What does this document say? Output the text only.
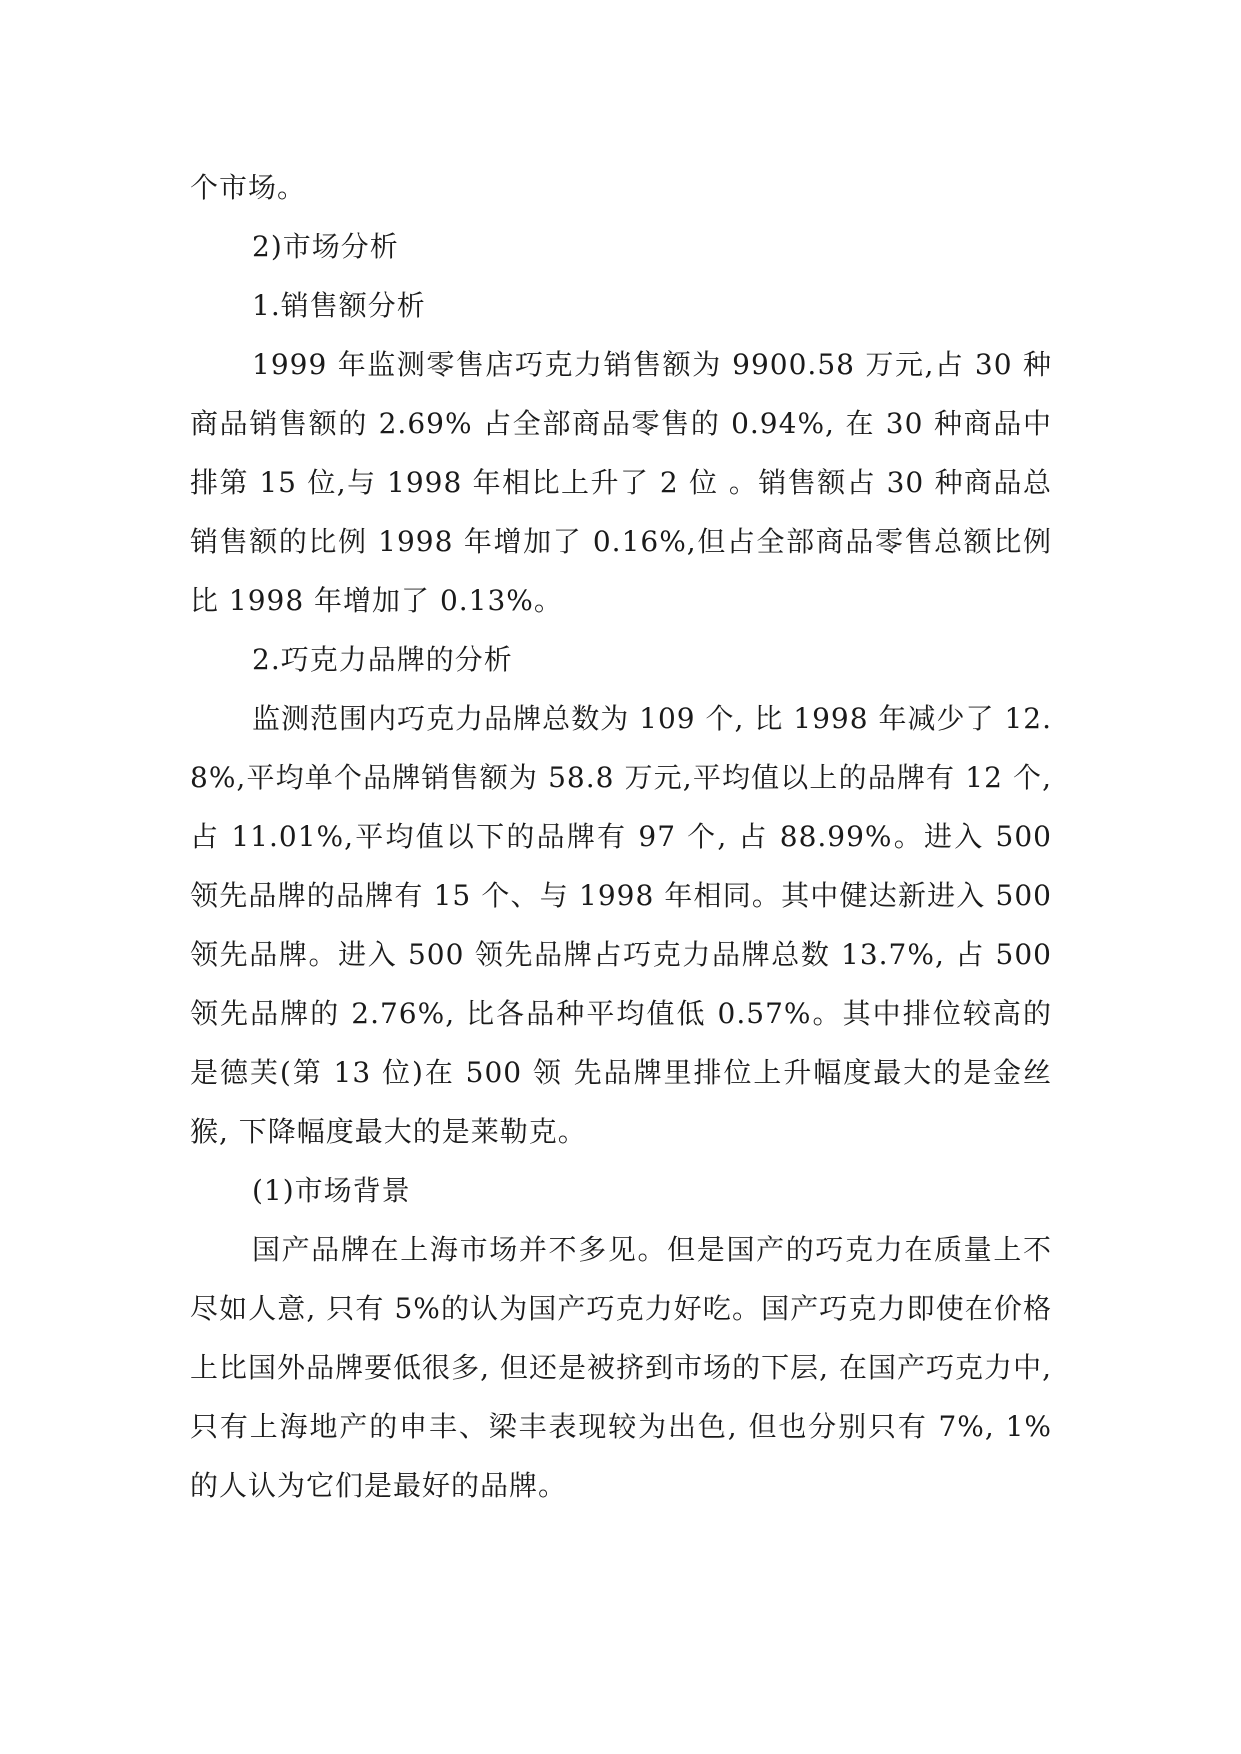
个市场。

2)市场分析

1.销售额分析

1999 年监测零售店巧克力销售额为 9900.58 万元,占 30 种商品销售额的 2.69% 占全部商品零售的 0.94%, 在 30 种商品中排第 15 位,与 1998 年相比上升了 2 位 。销售额占 30 种商品总销售额的比例 1998 年增加了 0.16%,但占全部商品零售总额比例比 1998 年增加了 0.13%。

2.巧克力品牌的分析

监测范围内巧克力品牌总数为 109 个, 比 1998 年减少了 12.8%,平均单个品牌销售额为 58.8 万元,平均值以上的品牌有 12 个, 占 11.01%,平均值以下的品牌有 97 个, 占 88.99%。进入 500 领先品牌的品牌有 15 个、与 1998 年相同。其中健达新进入 500 领先品牌。进入 500 领先品牌占巧克力品牌总数 13.7%, 占 500 领先品牌的 2.76%, 比各品种平均值低 0.57%。其中排位较高的是德芙(第 13 位)在 500 领 先品牌里排位上升幅度最大的是金丝猴, 下降幅度最大的是莱勒克。

(1)市场背景

国产品牌在上海市场并不多见。但是国产的巧克力在质量上不尽如人意, 只有 5%的认为国产巧克力好吃。国产巧克力即使在价格上比国外品牌要低很多, 但还是被挤到市场的下层, 在国产巧克力中, 只有上海地产的申丰、梁丰表现较为出色, 但也分别只有 7%, 1%的人认为它们是最好的品牌。
